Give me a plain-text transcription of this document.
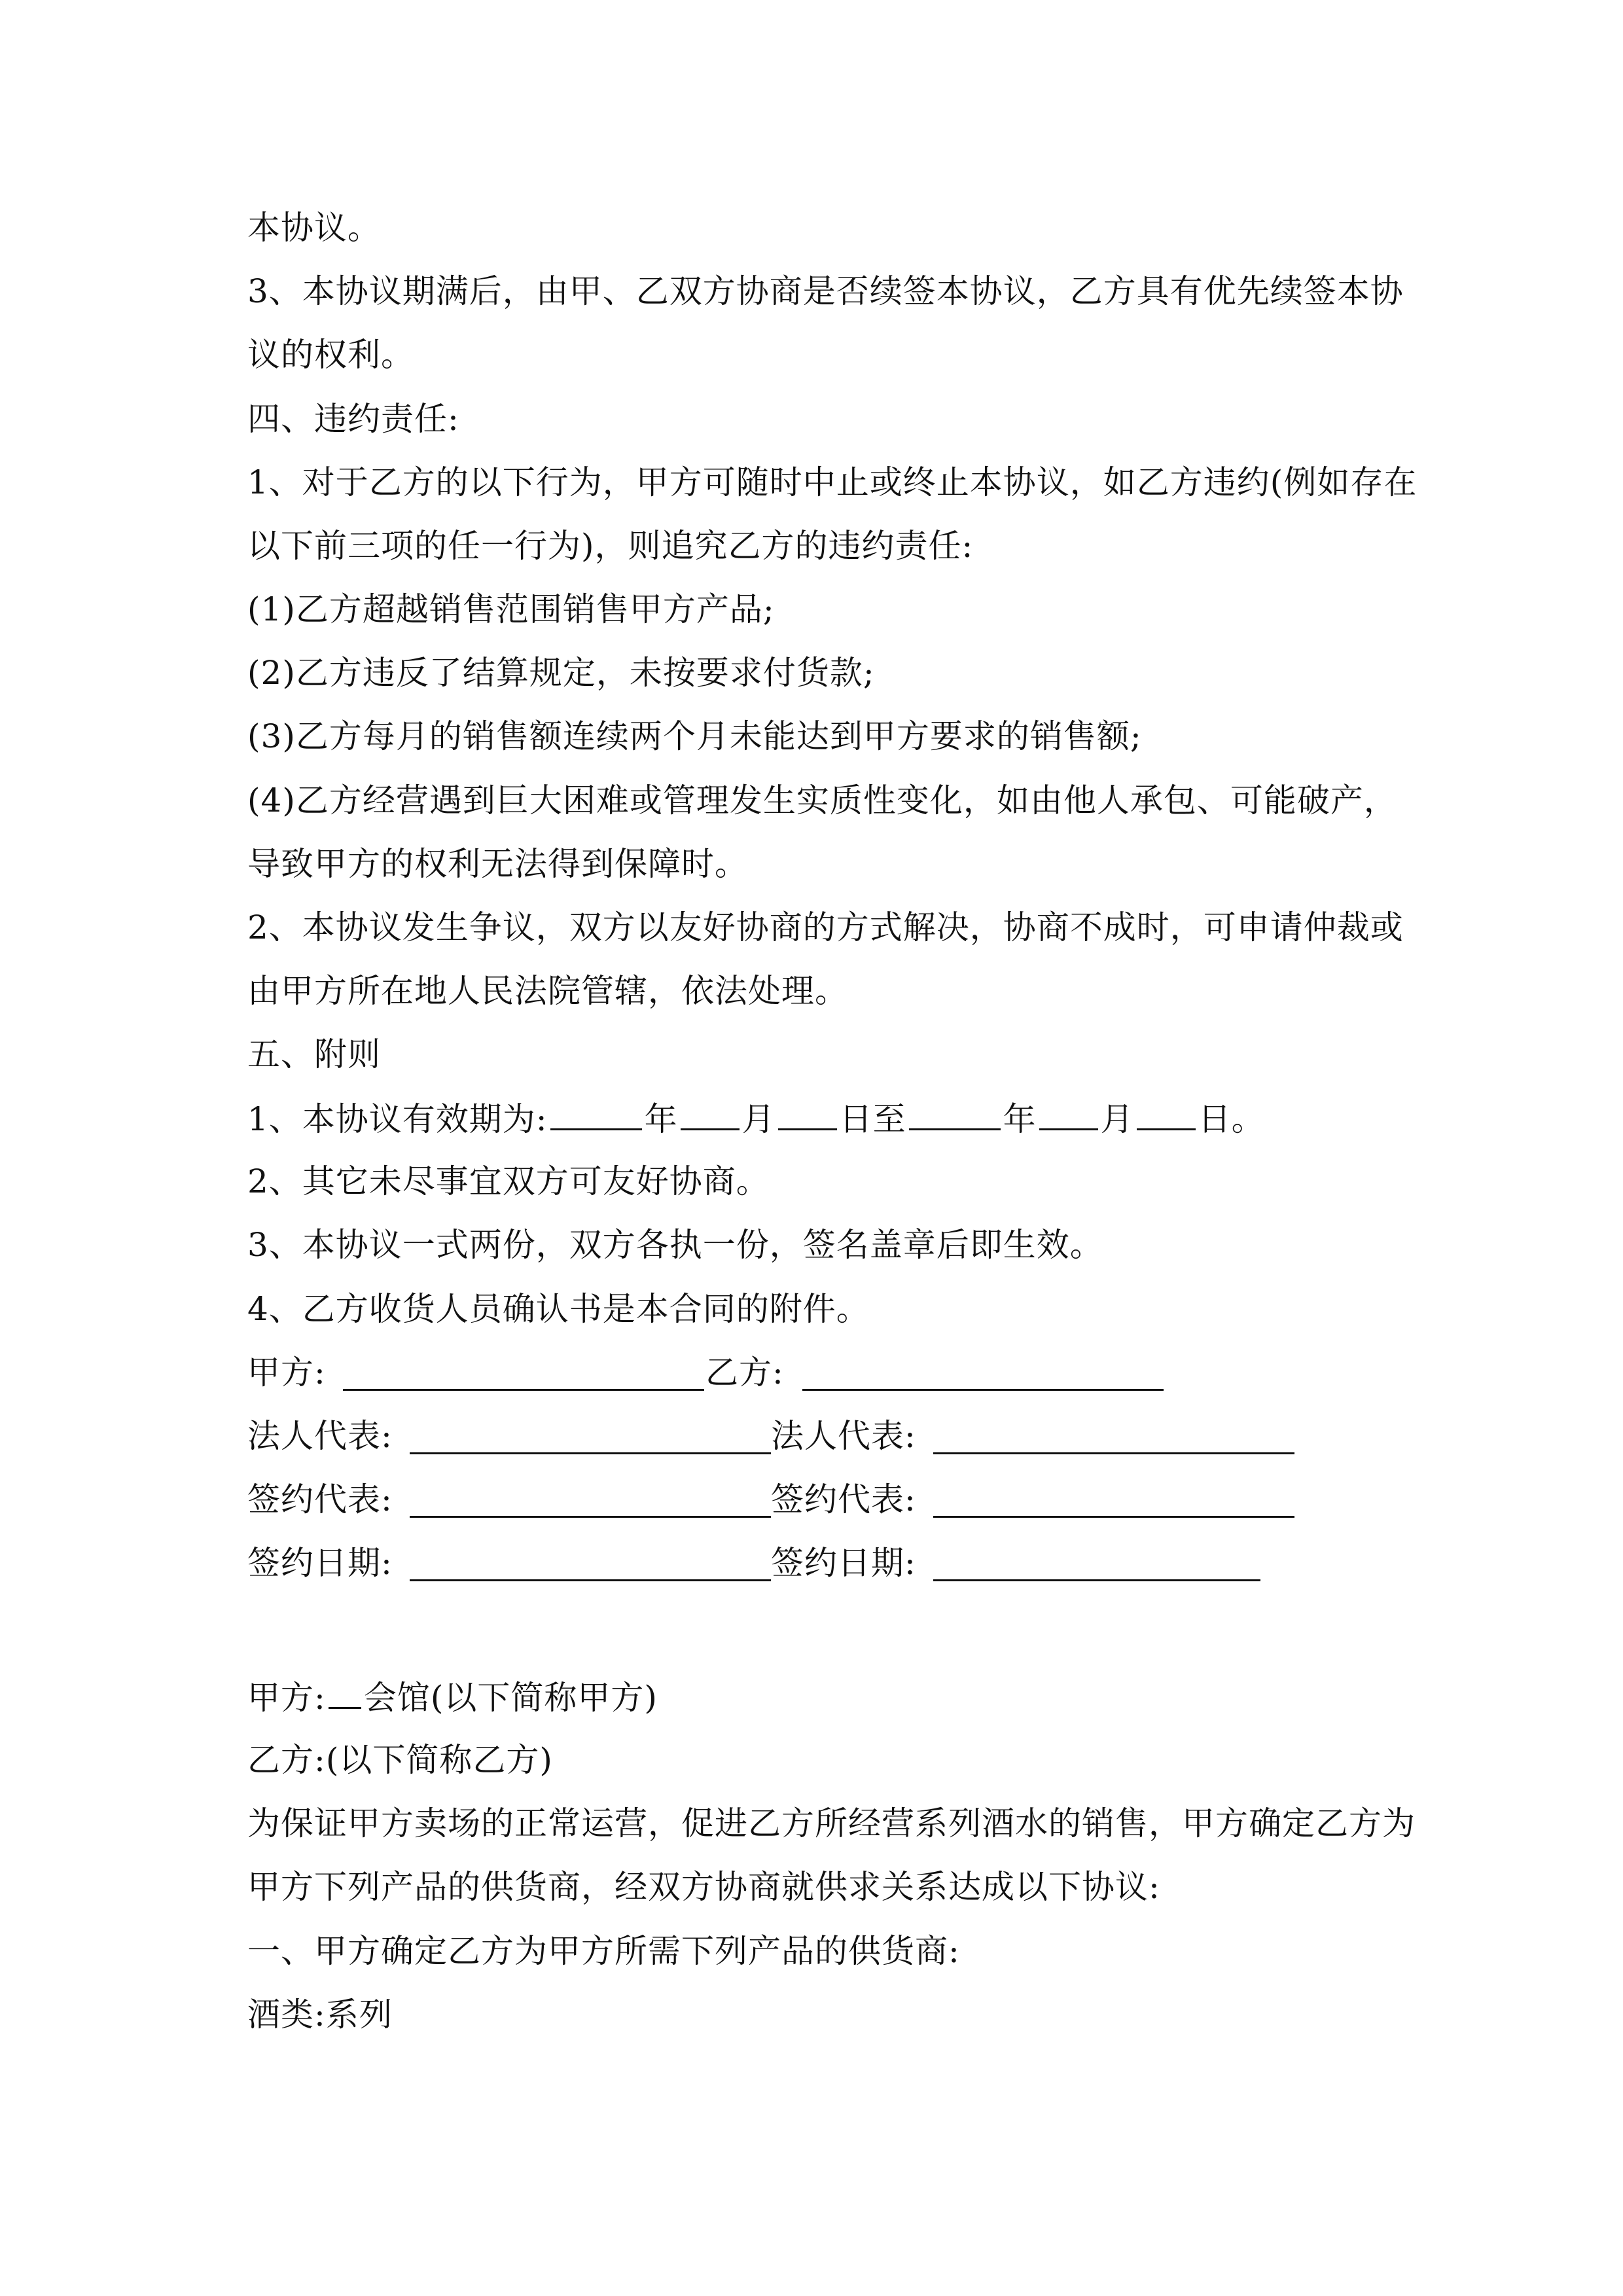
本协议。
3、本协议期满后，由甲、乙双方协商是否续签本协议，乙方具有优先续签本协
议的权利。
四、违约责任:
1、对于乙方的以下行为，甲方可随时中止或终止本协议，如乙方违约(例如存在
以下前三项的任一行为)，则追究乙方的违约责任:
(1)乙方超越销售范围销售甲方产品;
(2)乙方违反了结算规定，未按要求付货款;
(3)乙方每月的销售额连续两个月未能达到甲方要求的销售额;
(4)乙方经营遇到巨大困难或管理发生实质性变化，如由他人承包、可能破产，
导致甲方的权利无法得到保障时。
2、本协议发生争议，双方以友好协商的方式解决，协商不成时，可申请仲裁或
由甲方所在地人民法院管辖，依法处理。
五、附则
1、本协议有效期为:	年 月 日至	年 月 日。
2、其它未尽事宜双方可友好协商。
3、本协议一式两份，双方各执一份，签名盖章后即生效。
4、乙方收货人员确认书是本合同的附件。
甲方:	乙方:
法人代表:	法人代表:
签约代表:	签约代表:
签约日期:	签约日期:
甲方: 会馆(以下简称甲方)
乙方:(以下简称乙方)
为保证甲方卖场的正常运营，促进乙方所经营系列酒水的销售，甲方确定乙方为
甲方下列产品的供货商，经双方协商就供求关系达成以下协议:
一、甲方确定乙方为甲方所需下列产品的供货商:
酒类:系列
